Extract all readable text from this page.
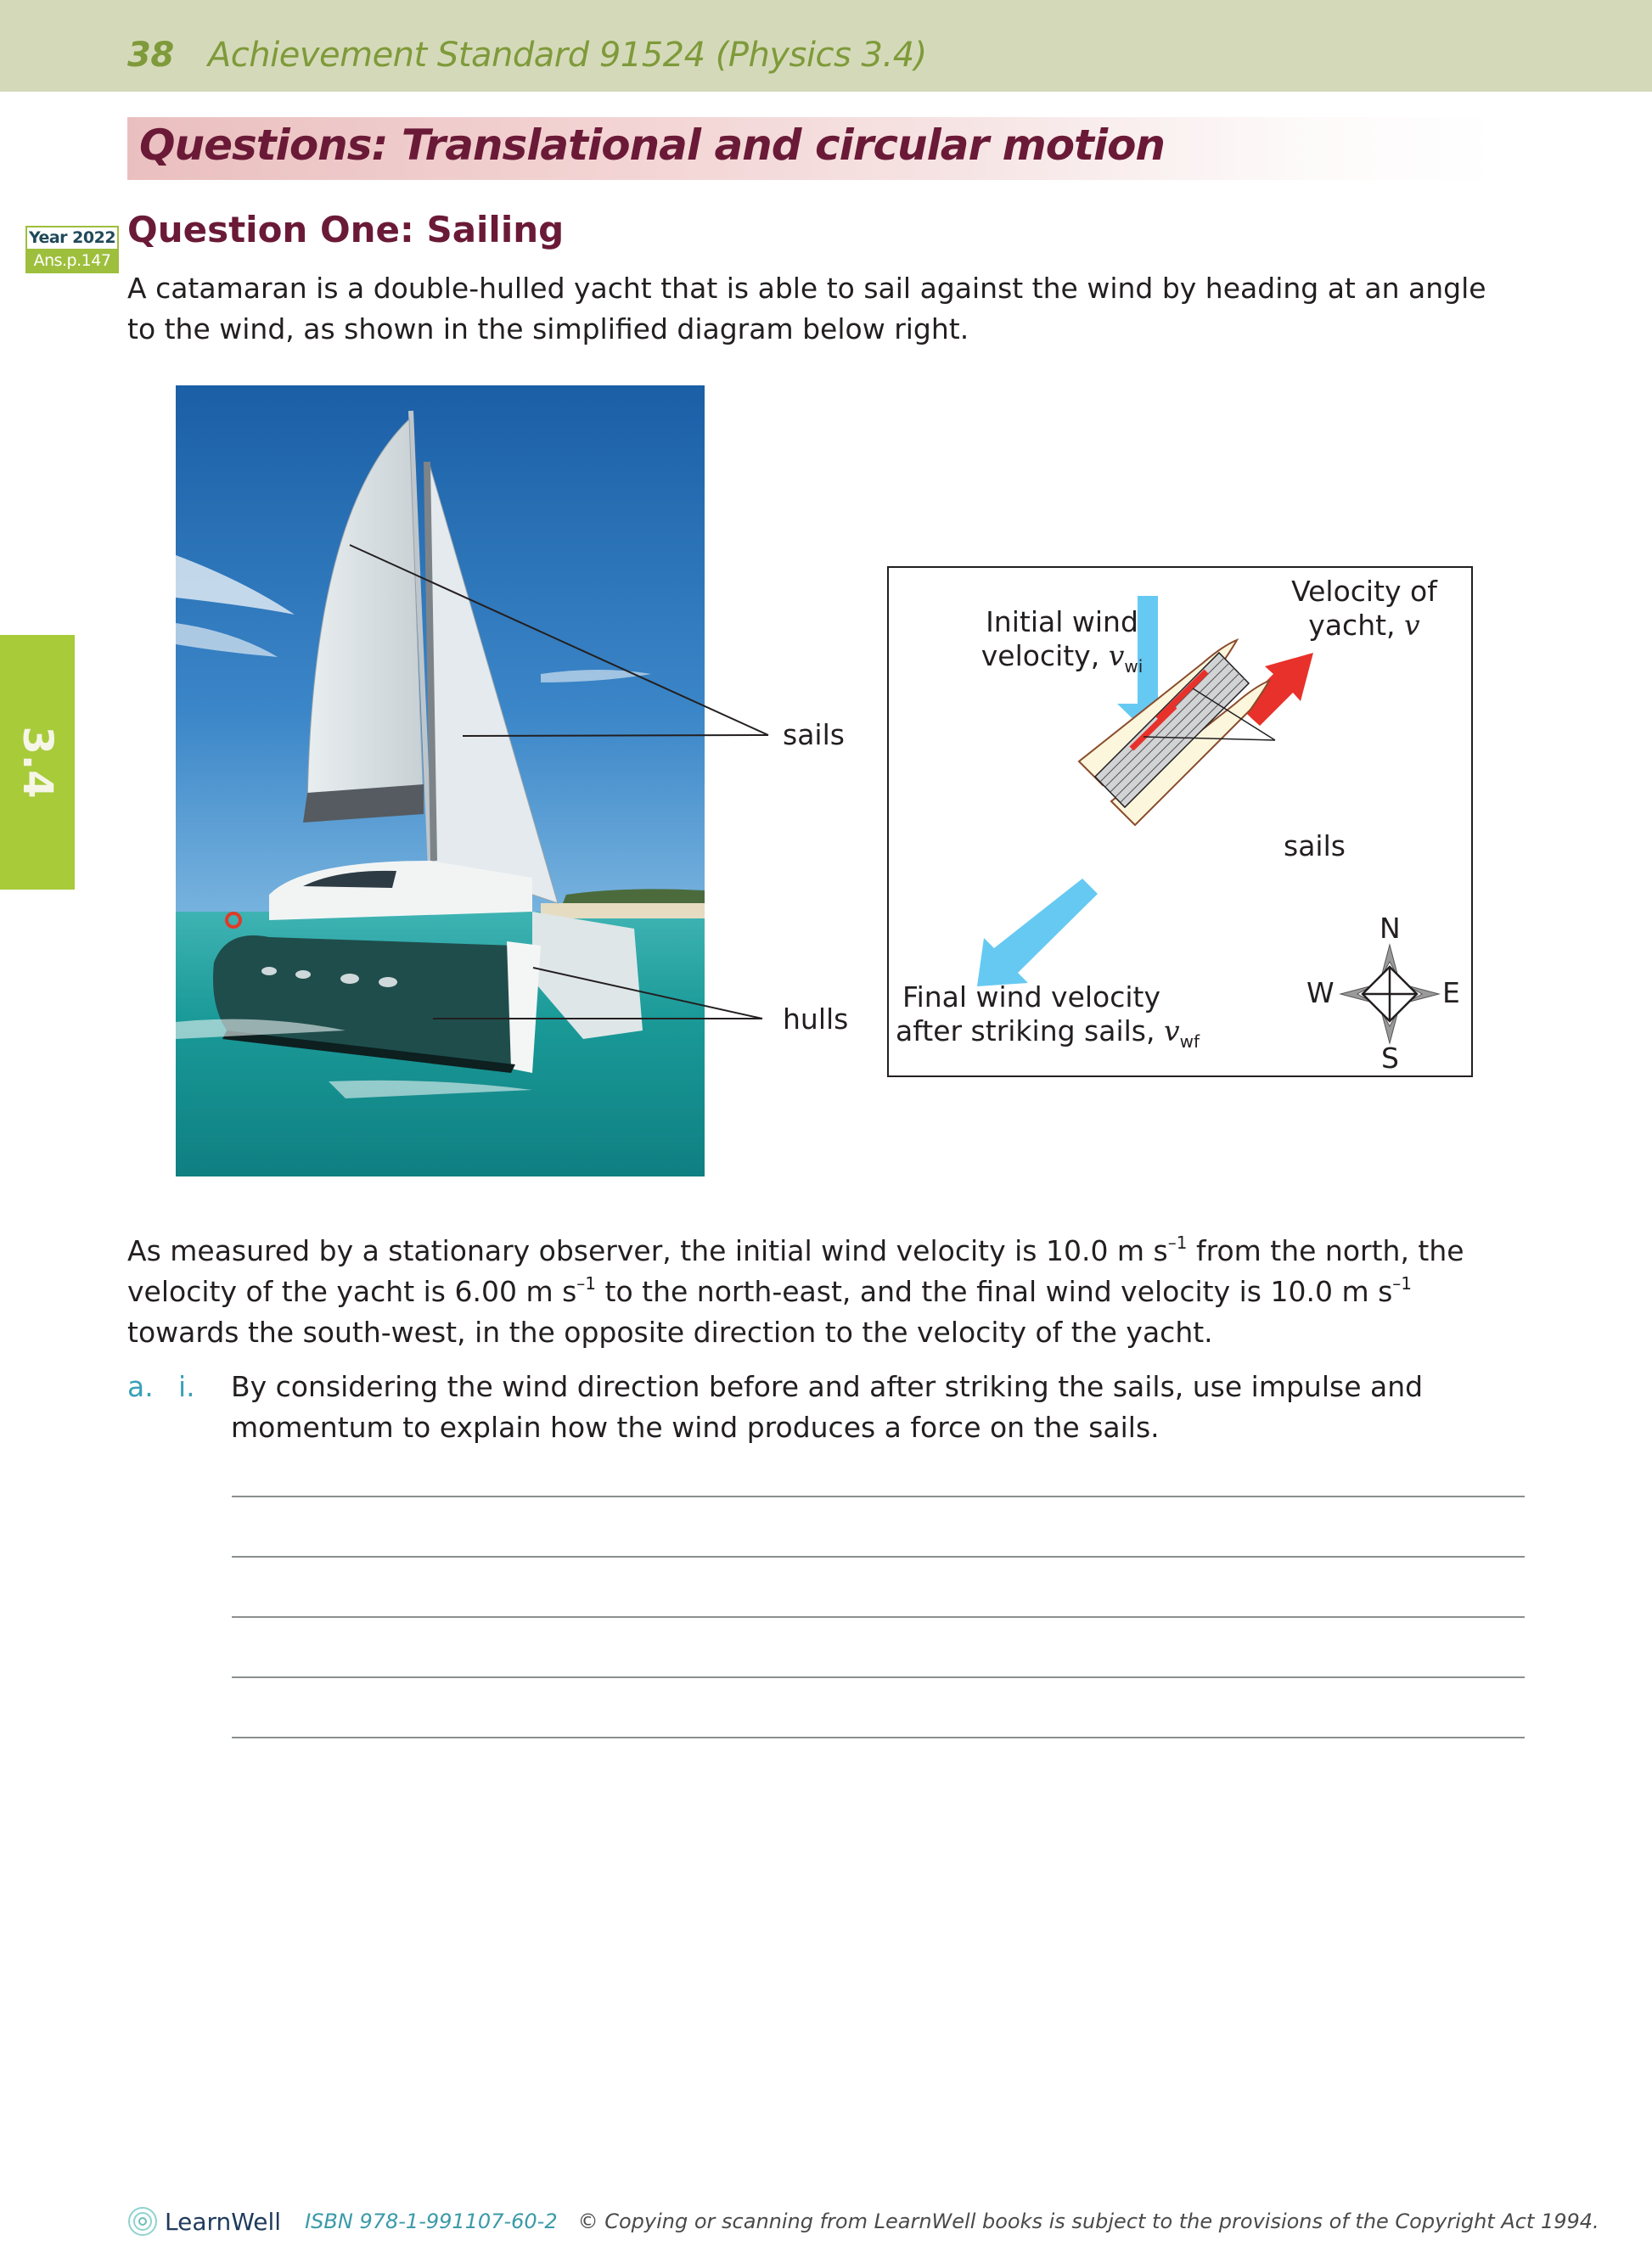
38 Achievement Standard 91524 (Physics 3.4)
Questions: Translational and circular motion
Year 2022
Ans.p.147
Question One: Sailing
A catamaran is a double-hulled yacht that is able to sail against the wind by heading at an angle to the wind, as shown in the simplified diagram below right.
3.4	sails
hulls
Initial wind
velocity, $v_{wi}$
Velocity of
yacht, v
sails
Final wind velocity
after striking sails, $v_{wf}$
N
S
E
W
As measured by a stationary observer, the initial wind velocity is 10.0 m $s^{-1}$ from the north, the velocity of the yacht is 6.00 m $s^{-1}$ to the north-east, and the final wind velocity is 10.0 m $s^{-1}$ towards the south-west, in the opposite direction to the velocity of the yacht.
a. i. By considering the wind direction before and after striking the sails, use impulse and momentum to explain how the wind produces a force on the sails.
LearnWell ISBN 978-1-991107-60-2 © Copying or scanning from LearnWell books is subject to the provisions of the Copyright Act 1994.
